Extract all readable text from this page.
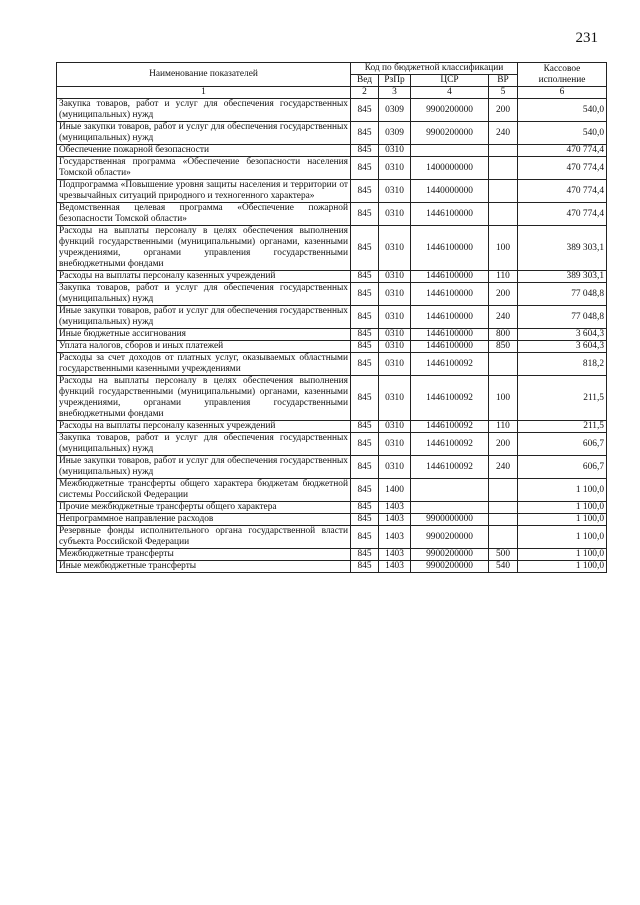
231
Наименование показателей	Код по бюджетной классификации				Кассовое исполнение
	Вед	РзПр	ЦСР	ВР	
1	2	3	4	5	6
Закупка товаров, работ и услуг для обеспечения государственных (муниципальных) нужд	845	0309	9900200000	200	540,0
Иные закупки товаров, работ и услуг для обеспечения государственных (муниципальных) нужд	845	0309	9900200000	240	540,0
Обеспечение пожарной безопасности	845	0310			470 774,4
Государственная программа «Обеспечение безопасности населения Томской области»	845	0310	1400000000		470 774,4
Подпрограмма «Повышение уровня защиты населения и территории от чрезвычайных ситуаций природного и техногенного характера»	845	0310	1440000000		470 774,4
Ведомственная целевая программа «Обеспечение пожарной безопасности Томской области»	845	0310	1446100000		470 774,4
Расходы на выплаты персоналу в целях обеспечения выполнения функций государственными (муниципальными) органами, казенными учреждениями, органами управления государственными внебюджетными фондами	845	0310	1446100000	100	389 303,1
Расходы на выплаты персоналу казенных учреждений	845	0310	1446100000	110	389 303,1
Закупка товаров, работ и услуг для обеспечения государственных (муниципальных) нужд	845	0310	1446100000	200	77 048,8
Иные закупки товаров, работ и услуг для обеспечения государственных (муниципальных) нужд	845	0310	1446100000	240	77 048,8
Иные бюджетные ассигнования	845	0310	1446100000	800	3 604,3
Уплата налогов, сборов и иных платежей	845	0310	1446100000	850	3 604,3
Расходы за счет доходов от платных услуг, оказываемых областными государственными казенными учреждениями	845	0310	1446100092		818,2
Расходы на выплаты персоналу в целях обеспечения выполнения функций государственными (муниципальными) органами, казенными учреждениями, органами управления государственными внебюджетными фондами	845	0310	1446100092	100	211,5
Расходы на выплаты персоналу казенных учреждений	845	0310	1446100092	110	211,5
Закупка товаров, работ и услуг для обеспечения государственных (муниципальных) нужд	845	0310	1446100092	200	606,7
Иные закупки товаров, работ и услуг для обеспечения государственных (муниципальных) нужд	845	0310	1446100092	240	606,7
Межбюджетные трансферты общего характера бюджетам бюджетной системы Российской Федерации	845	1400			1 100,0
Прочие межбюджетные трансферты общего характера	845	1403			1 100,0
Непрограммное направление расходов	845	1403	9900000000		1 100,0
Резервные фонды исполнительного органа государственной власти субъекта Российской Федерации	845	1403	9900200000		1 100,0
Межбюджетные трансферты	845	1403	9900200000	500	1 100,0
Иные межбюджетные трансферты	845	1403	9900200000	540	1 100,0
